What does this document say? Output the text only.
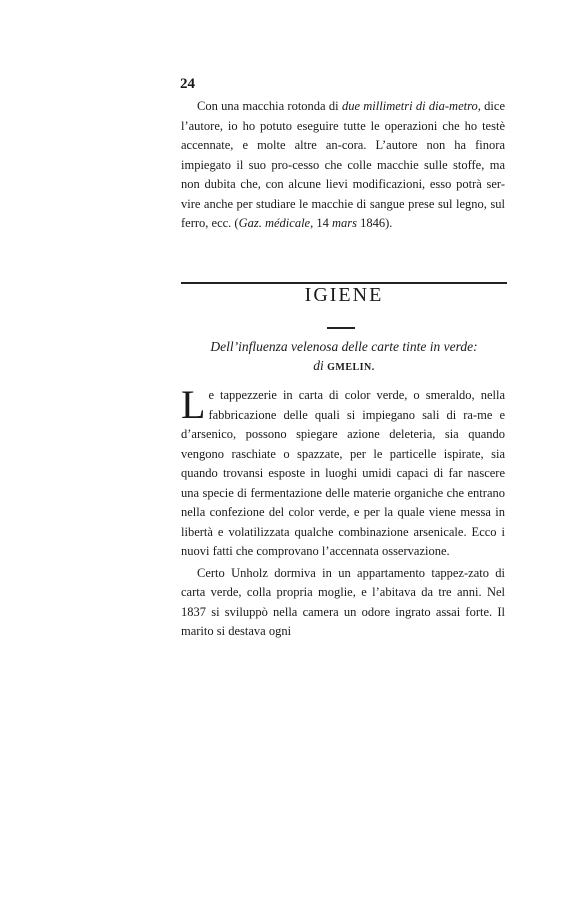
24

Con una macchia rotonda di due millimetri di dia-metro, dice l’autore, io ho potuto eseguire tutte le operazioni che ho testè accennate, e molte altre an-cora. L’autore non ha finora impiegato il suo pro-cesso che colle macchie sulle stoffe, ma non dubita che, con alcune lievi modificazioni, esso potrà ser-vire anche per studiare le macchie di sangue prese sul legno, sul ferro, ecc. (Gaz. médicale, 14 mars 1846).

IGIENE
Dell’influenza velenosa delle carte tinte in verde:
di GMELIN.

Le tappezzerie in carta di color verde, o smeraldo, nella fabbricazione delle quali si impiegano sali di ra-me e d’arsenico, possono spiegare azione deleteria, sia quando vengono raschiate o spazzate, per le particelle ispirate, sia quando trovansi esposte in luoghi umidi capaci di far nascere una specie di fermentazione delle materie organiche che entrano nella confezione del color verde, e per la quale viene messa in libertà e volatilizzata qualche combinazione arsenicale. Ecco i nuovi fatti che comprovano l’accennata osservazione.

Certo Unholz dormiva in un appartamento tappez-zato di carta verde, colla propria moglie, e l’abitava da tre anni. Nel 1837 si sviluppò nella camera un odore ingrato assai forte. Il marito si destava ogni
